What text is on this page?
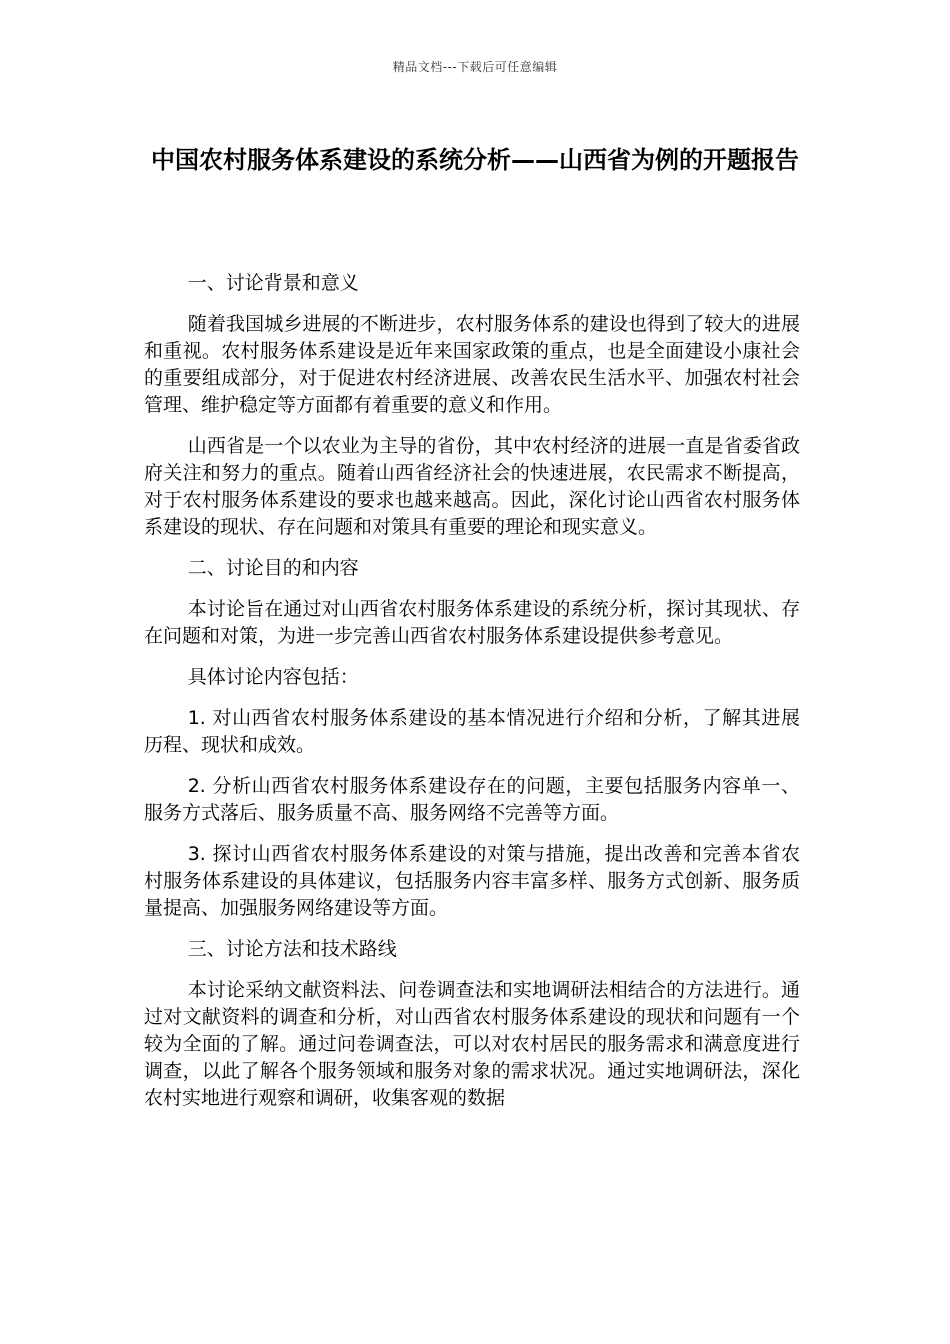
精品文档---下载后可任意编辑
中国农村服务体系建设的系统分析——山西省为例的开题报告

一、讨论背景和意义

随着我国城乡进展的不断进步，农村服务体系的建设也得到了较大的进展和重视。农村服务体系建设是近年来国家政策的重点，也是全面建设小康社会的重要组成部分，对于促进农村经济进展、改善农民生活水平、加强农村社会管理、维护稳定等方面都有着重要的意义和作用。

山西省是一个以农业为主导的省份，其中农村经济的进展一直是省委省政府关注和努力的重点。随着山西省经济社会的快速进展，农民需求不断提高，对于农村服务体系建设的要求也越来越高。因此，深化讨论山西省农村服务体系建设的现状、存在问题和对策具有重要的理论和现实意义。

二、讨论目的和内容

本讨论旨在通过对山西省农村服务体系建设的系统分析，探讨其现状、存在问题和对策，为进一步完善山西省农村服务体系建设提供参考意见。

具体讨论内容包括：

1. 对山西省农村服务体系建设的基本情况进行介绍和分析，了解其进展历程、现状和成效。

2. 分析山西省农村服务体系建设存在的问题，主要包括服务内容单一、服务方式落后、服务质量不高、服务网络不完善等方面。

3. 探讨山西省农村服务体系建设的对策与措施，提出改善和完善本省农村服务体系建设的具体建议，包括服务内容丰富多样、服务方式创新、服务质量提高、加强服务网络建设等方面。

三、讨论方法和技术路线

本讨论采纳文献资料法、问卷调查法和实地调研法相结合的方法进行。通过对文献资料的调查和分析，对山西省农村服务体系建设的现状和问题有一个较为全面的了解。通过问卷调查法，可以对农村居民的服务需求和满意度进行调查，以此了解各个服务领域和服务对象的需求状况。通过实地调研法，深化农村实地进行观察和调研，收集客观的数据
